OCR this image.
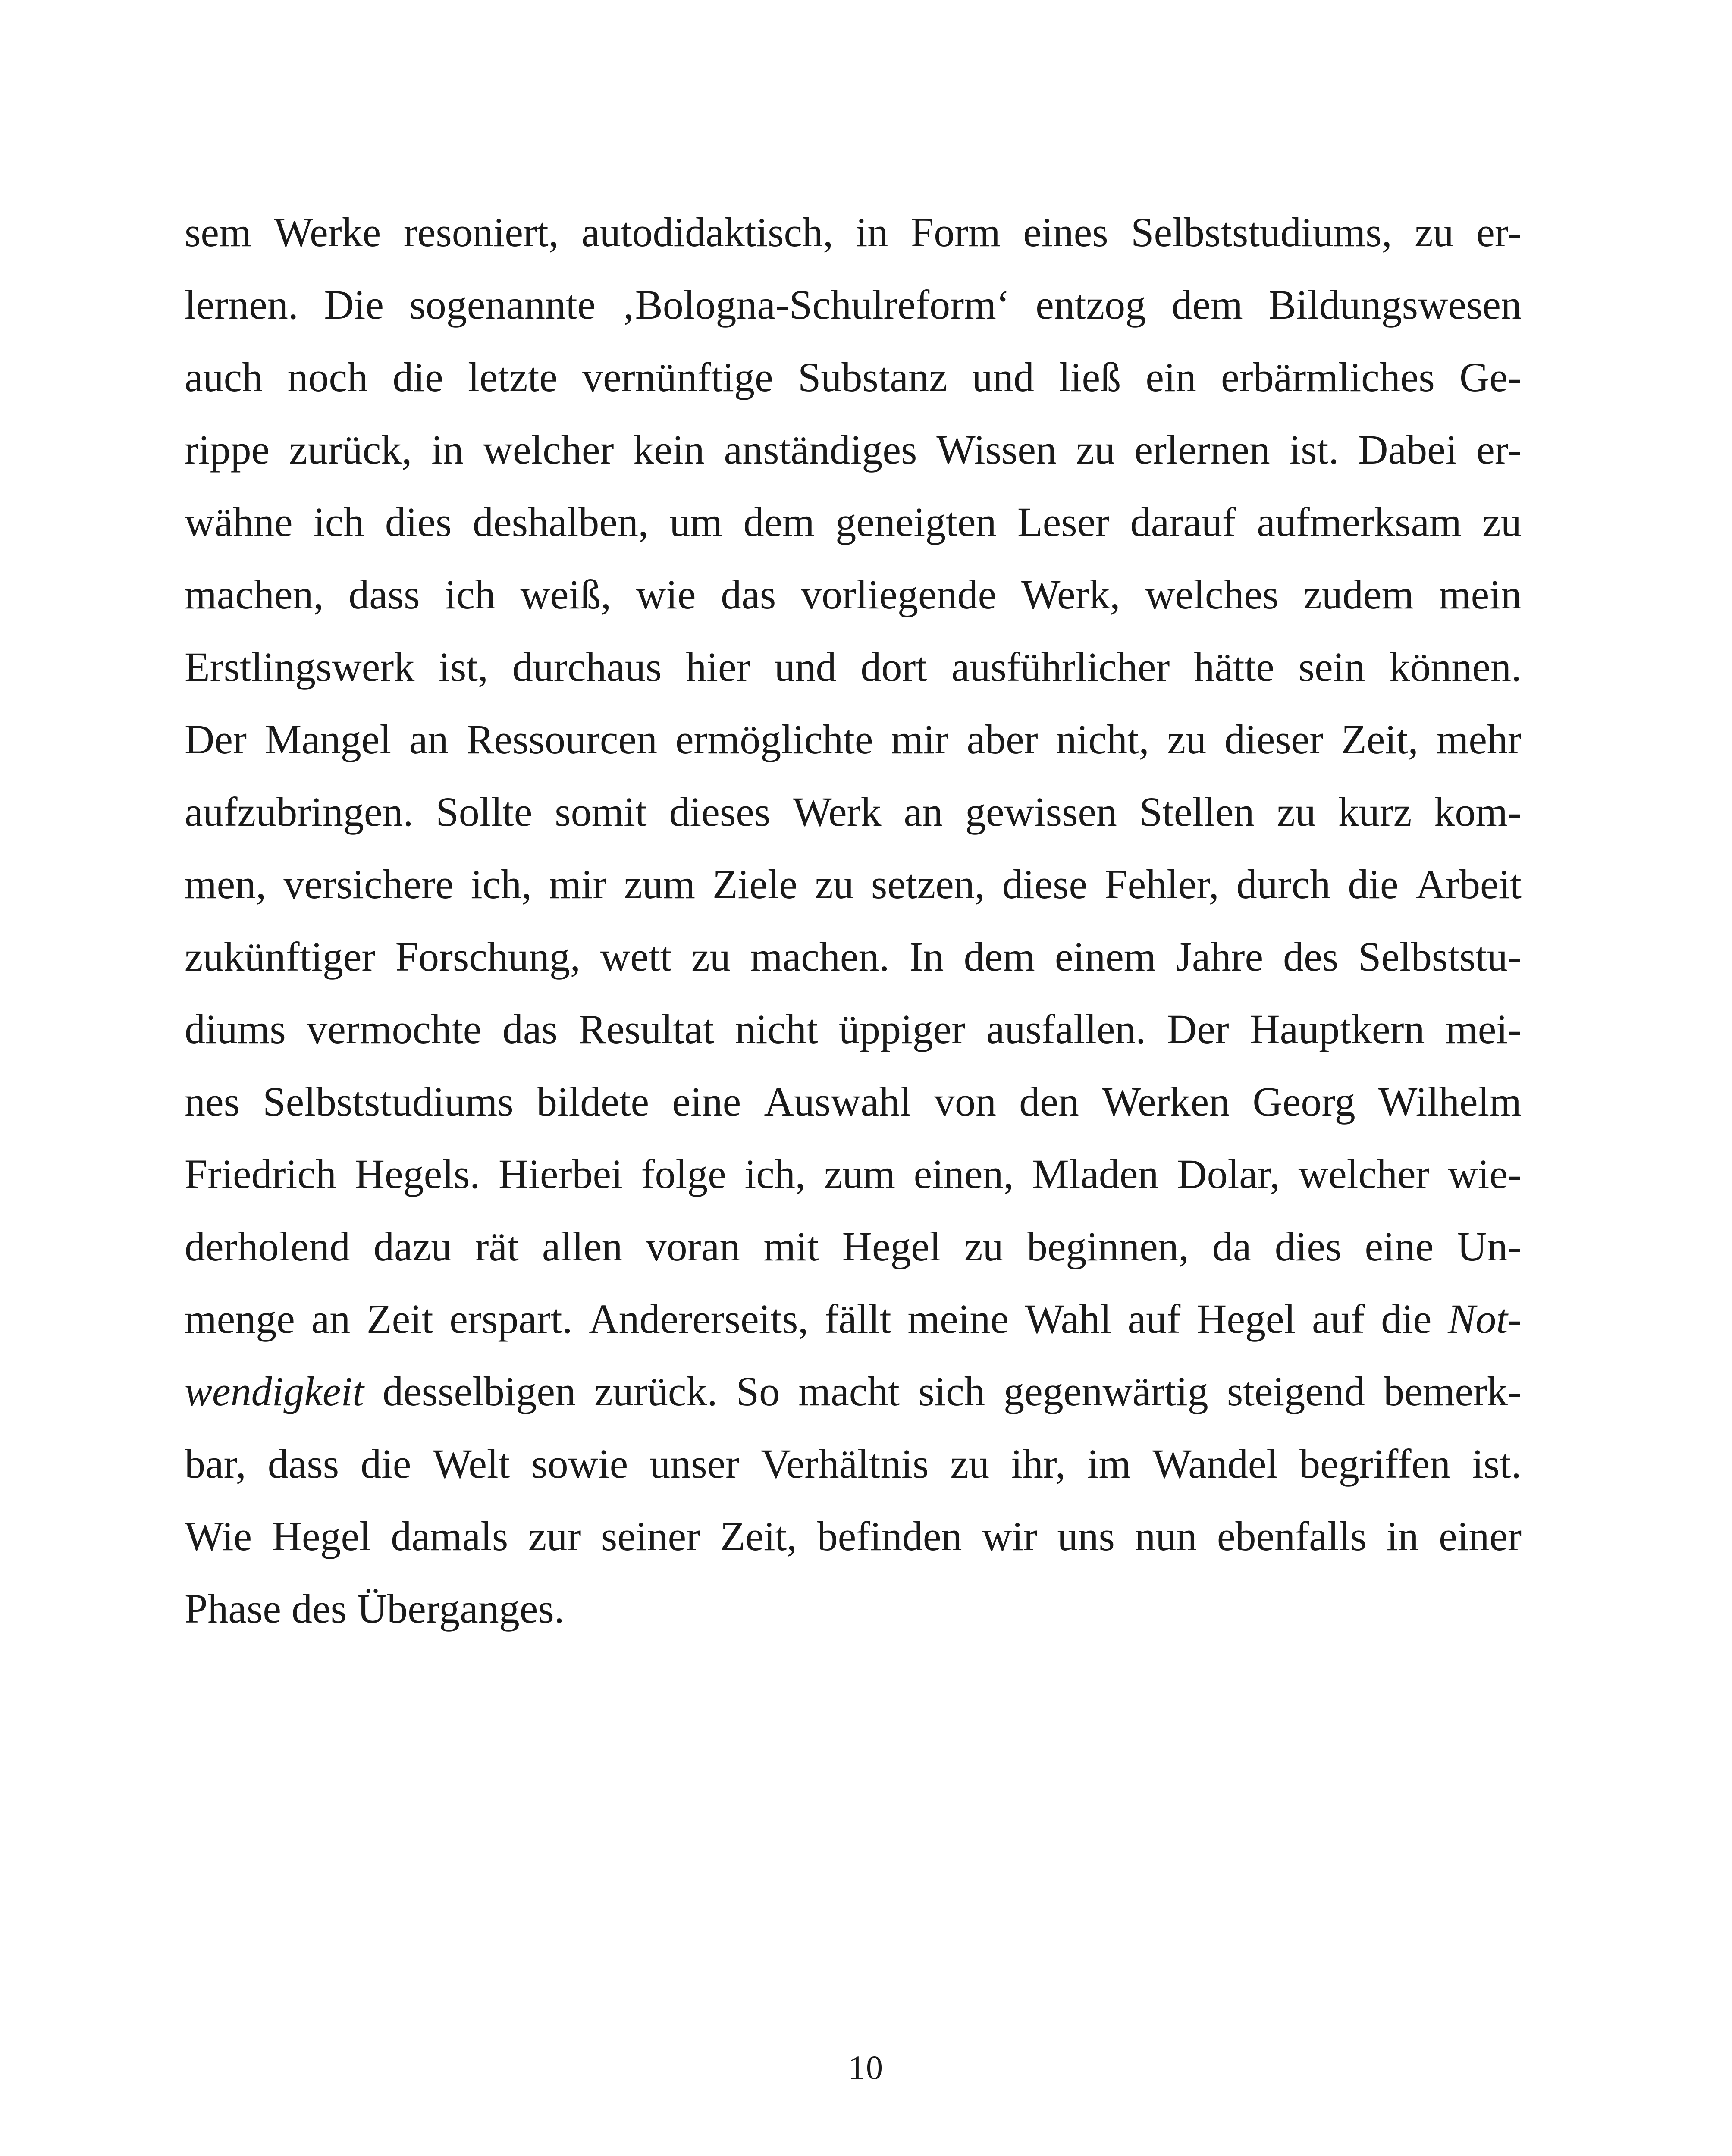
sem Werke resoniert, autodidaktisch, in Form eines Selbststudiums, zu er-
lernen. Die sogenannte ‚Bologna-Schulreform‘ entzog dem Bildungswesen
auch noch die letzte vernünftige Substanz und ließ ein erbärmliches Ge-
rippe zurück, in welcher kein anständiges Wissen zu erlernen ist. Dabei er-
wähne ich dies deshalben, um dem geneigten Leser darauf aufmerksam zu
machen, dass ich weiß, wie das vorliegende Werk, welches zudem mein
Erstlingswerk ist, durchaus hier und dort ausführlicher hätte sein können.
Der Mangel an Ressourcen ermöglichte mir aber nicht, zu dieser Zeit, mehr
aufzubringen. Sollte somit dieses Werk an gewissen Stellen zu kurz kom-
men, versichere ich, mir zum Ziele zu setzen, diese Fehler, durch die Arbeit
zukünftiger Forschung, wett zu machen. In dem einem Jahre des Selbststu-
diums vermochte das Resultat nicht üppiger ausfallen. Der Hauptkern mei-
nes Selbststudiums bildete eine Auswahl von den Werken Georg Wilhelm
Friedrich Hegels. Hierbei folge ich, zum einen, Mladen Dolar, welcher wie-
derholend dazu rät allen voran mit Hegel zu beginnen, da dies eine Un-
menge an Zeit erspart. Andererseits, fällt meine Wahl auf Hegel auf die Not-
wendigkeit desselbigen zurück. So macht sich gegenwärtig steigend bemerk-
bar, dass die Welt sowie unser Verhältnis zu ihr, im Wandel begriffen ist.
Wie Hegel damals zur seiner Zeit, befinden wir uns nun ebenfalls in einer
Phase des Überganges.
10
